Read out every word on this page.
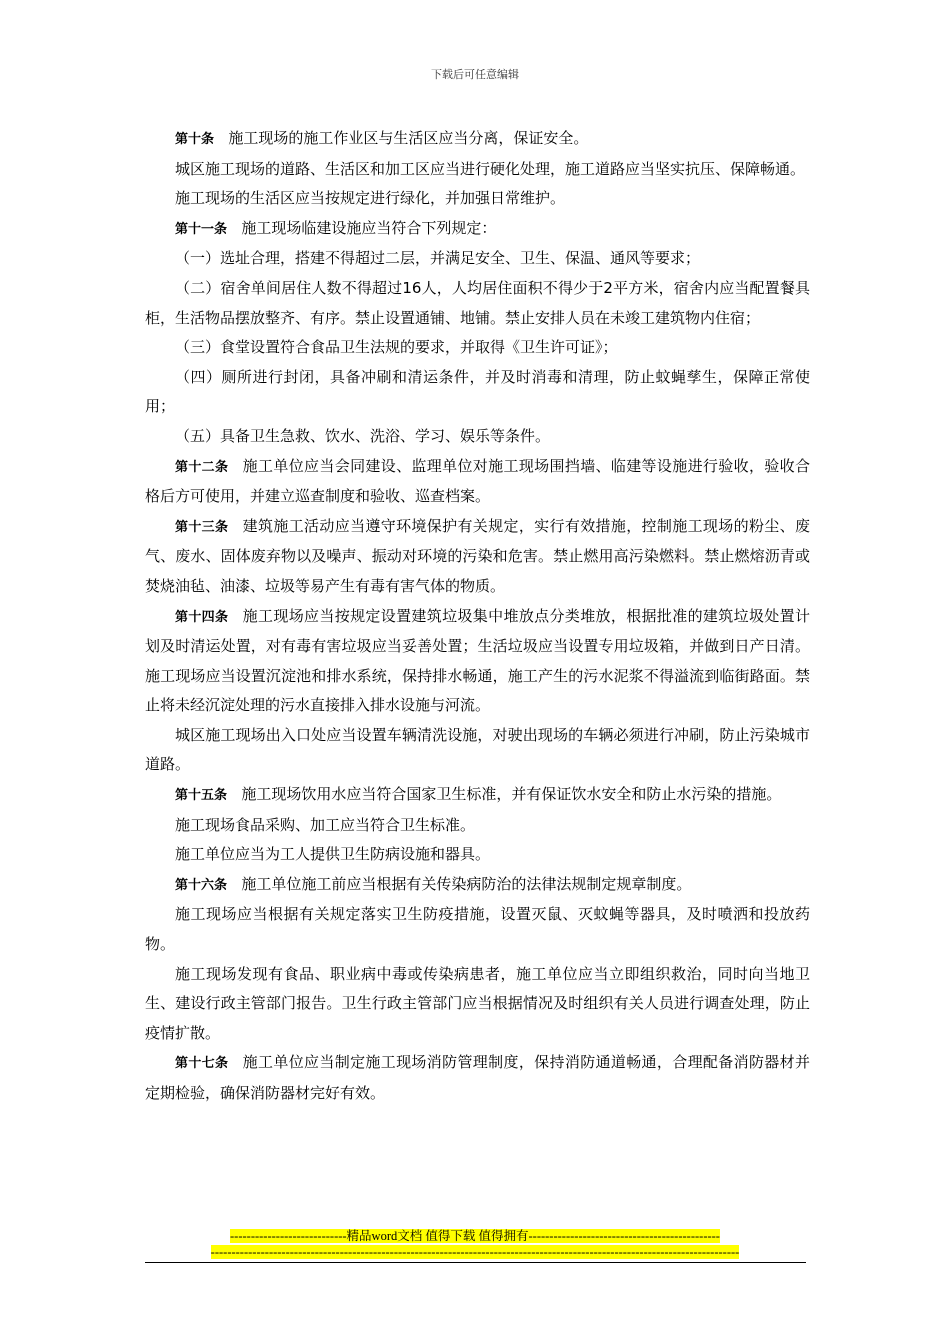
下载后可任意编辑

第十条 施工现场的施工作业区与生活区应当分离，保证安全。

城区施工现场的道路、生活区和加工区应当进行硬化处理，施工道路应当坚实抗压、保障畅通。

施工现场的生活区应当按规定进行绿化，并加强日常维护。

第十一条 施工现场临建设施应当符合下列规定：

（一）选址合理，搭建不得超过二层，并满足安全、卫生、保温、通风等要求；

（二）宿舍单间居住人数不得超过16人，人均居住面积不得少于2平方米，宿舍内应当配置餐具柜，生活物品摆放整齐、有序。禁止设置通铺、地铺。禁止安排人员在未竣工建筑物内住宿；

（三）食堂设置符合食品卫生法规的要求，并取得《卫生许可证》；

（四）厕所进行封闭，具备冲刷和清运条件，并及时消毒和清理，防止蚊蝇孳生，保障正常使用；

（五）具备卫生急救、饮水、洗浴、学习、娱乐等条件。

第十二条 施工单位应当会同建设、监理单位对施工现场围挡墙、临建等设施进行验收，验收合格后方可使用，并建立巡查制度和验收、巡查档案。

第十三条 建筑施工活动应当遵守环境保护有关规定，实行有效措施，控制施工现场的粉尘、废气、废水、固体废弃物以及噪声、振动对环境的污染和危害。禁止燃用高污染燃料。禁止燃熔沥青或焚烧油毡、油漆、垃圾等易产生有毒有害气体的物质。

第十四条 施工现场应当按规定设置建筑垃圾集中堆放点分类堆放，根据批准的建筑垃圾处置计划及时清运处置，对有毒有害垃圾应当妥善处置；生活垃圾应当设置专用垃圾箱，并做到日产日清。施工现场应当设置沉淀池和排水系统，保持排水畅通，施工产生的污水泥浆不得溢流到临街路面。禁止将未经沉淀处理的污水直接排入排水设施与河流。

城区施工现场出入口处应当设置车辆清洗设施，对驶出现场的车辆必须进行冲刷，防止污染城市道路。

第十五条 施工现场饮用水应当符合国家卫生标准，并有保证饮水安全和防止水污染的措施。

施工现场食品采购、加工应当符合卫生标准。

施工单位应当为工人提供卫生防病设施和器具。

第十六条 施工单位施工前应当根据有关传染病防治的法律法规制定规章制度。

施工现场应当根据有关规定落实卫生防疫措施，设置灭鼠、灭蚊蝇等器具，及时喷洒和投放药物。

施工现场发现有食品、职业病中毒或传染病患者，施工单位应当立即组织救治，同时向当地卫生、建设行政主管部门报告。卫生行政主管部门应当根据情况及时组织有关人员进行调查处理，防止疫情扩散。

第十七条 施工单位应当制定施工现场消防管理制度，保持消防通道畅通，合理配备消防器材并定期检验，确保消防器材完好有效。

----------------------------精品word文档 值得下载 值得拥有----------------------------------------------
-------------------------------------------------------------------------------------------------------------------------------
